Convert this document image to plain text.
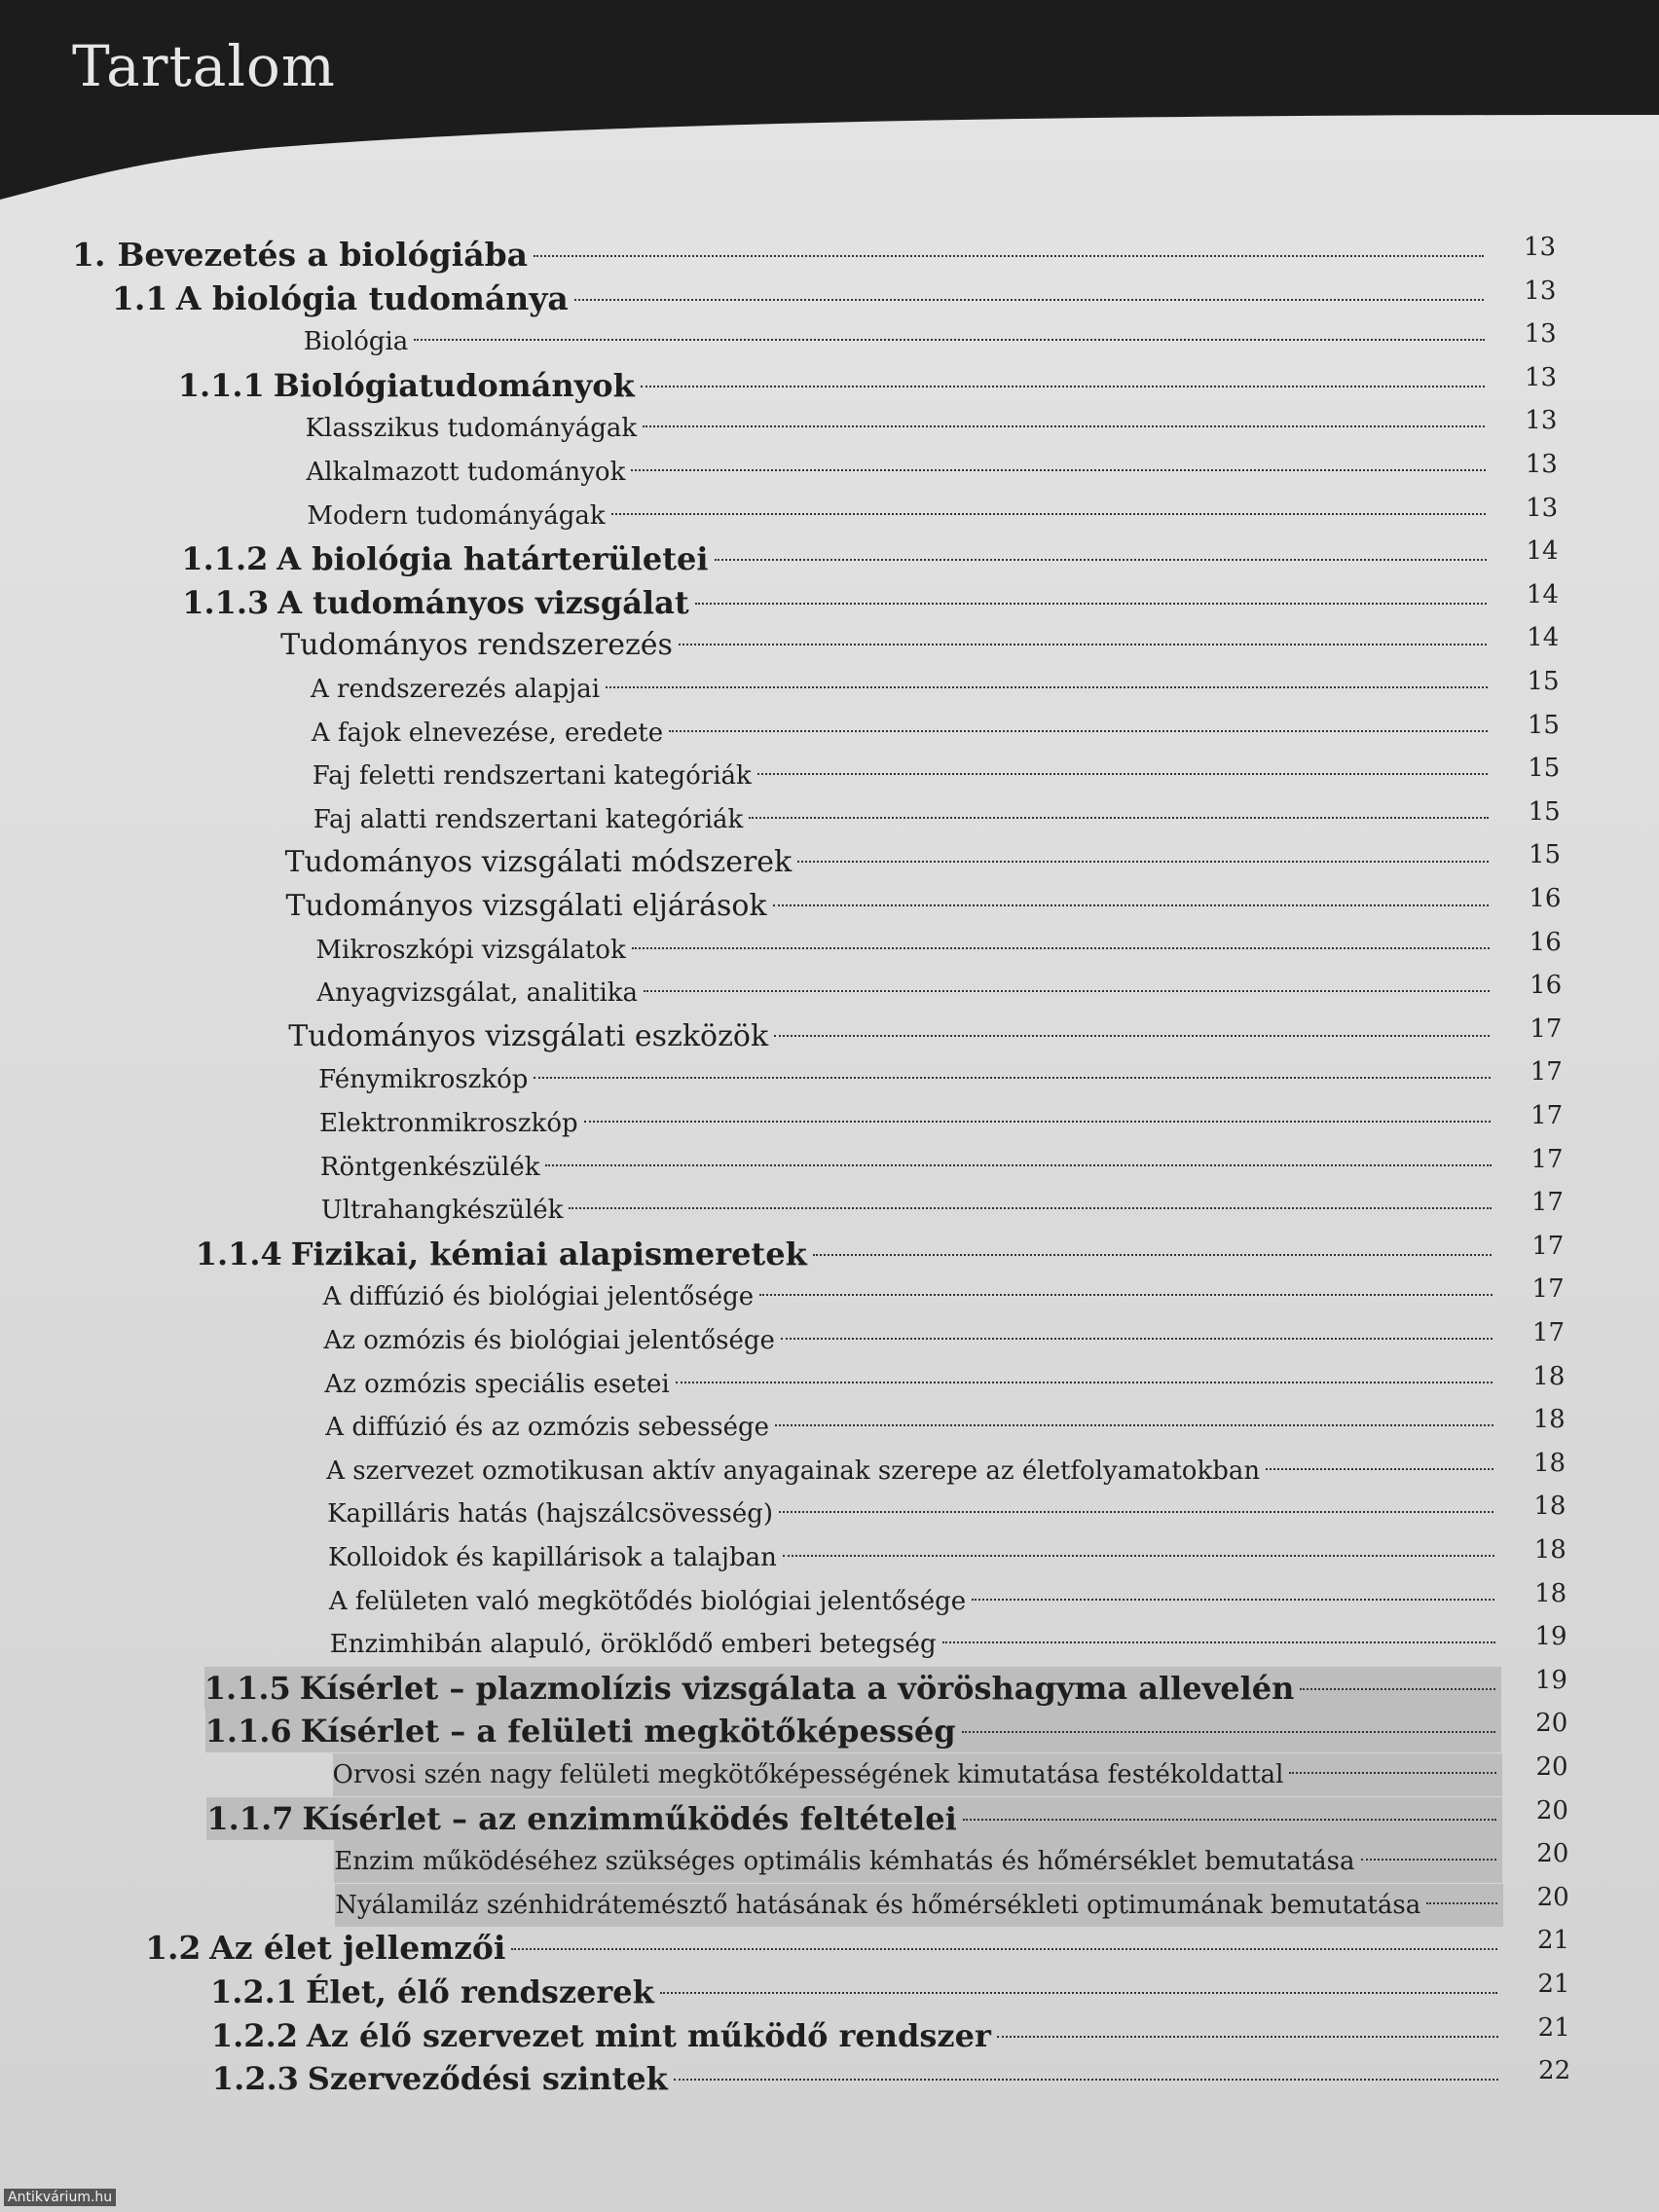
Tartalom
1. Bevezetés a biológiába	13
1.1 A biológia tudománya	13
Biológia	13
1.1.1 Biológiatudományok	13
Klasszikus tudományágak	13
Alkalmazott tudományok	13
Modern tudományágak	13
1.1.2 A biológia határterületei	14
1.1.3 A tudományos vizsgálat	14
Tudományos rendszerezés	14
A rendszerezés alapjai	15
A fajok elnevezése, eredete	15
Faj feletti rendszertani kategóriák	15
Faj alatti rendszertani kategóriák	15
Tudományos vizsgálati módszerek	15
Tudományos vizsgálati eljárások	16
Mikroszkópi vizsgálatok	16
Anyagvizsgálat, analitika	16
Tudományos vizsgálati eszközök	17
Fénymikroszkóp	17
Elektronmikroszkóp	17
Röntgenkészülék	17
Ultrahangkészülék	17
1.1.4 Fizikai, kémiai alapismeretek	17
A diffúzió és biológiai jelentősége	17
Az ozmózis és biológiai jelentősége	17
Az ozmózis speciális esetei	18
A diffúzió és az ozmózis sebessége	18
A szervezet ozmotikusan aktív anyagainak szerepe az életfolyamatokban	18
Kapilláris hatás (hajszálcsövesség)	18
Kolloidok és kapillárisok a talajban	18
A felületen való megkötődés biológiai jelentősége	18
Enzimhibán alapuló, öröklődő emberi betegség	19
1.1.5 Kísérlet – plazmolízis vizsgálata a vöröshagyma allevelén	19
1.1.6 Kísérlet – a felületi megkötőképesség	20
Orvosi szén nagy felületi megkötőképességének kimutatása festékoldattal	20
1.1.7 Kísérlet – az enzimműködés feltételei	20
Enzim működéséhez szükséges optimális kémhatás és hőmérséklet bemutatása	20
Nyálamiláz szénhidrátemésztő hatásának és hőmérsékleti optimumának bemutatása	20
1.2 Az élet jellemzői	21
1.2.1 Élet, élő rendszerek	21
1.2.2 Az élő szervezet mint működő rendszer	21
1.2.3 Szerveződési szintek	22
Antikvárium.hu
